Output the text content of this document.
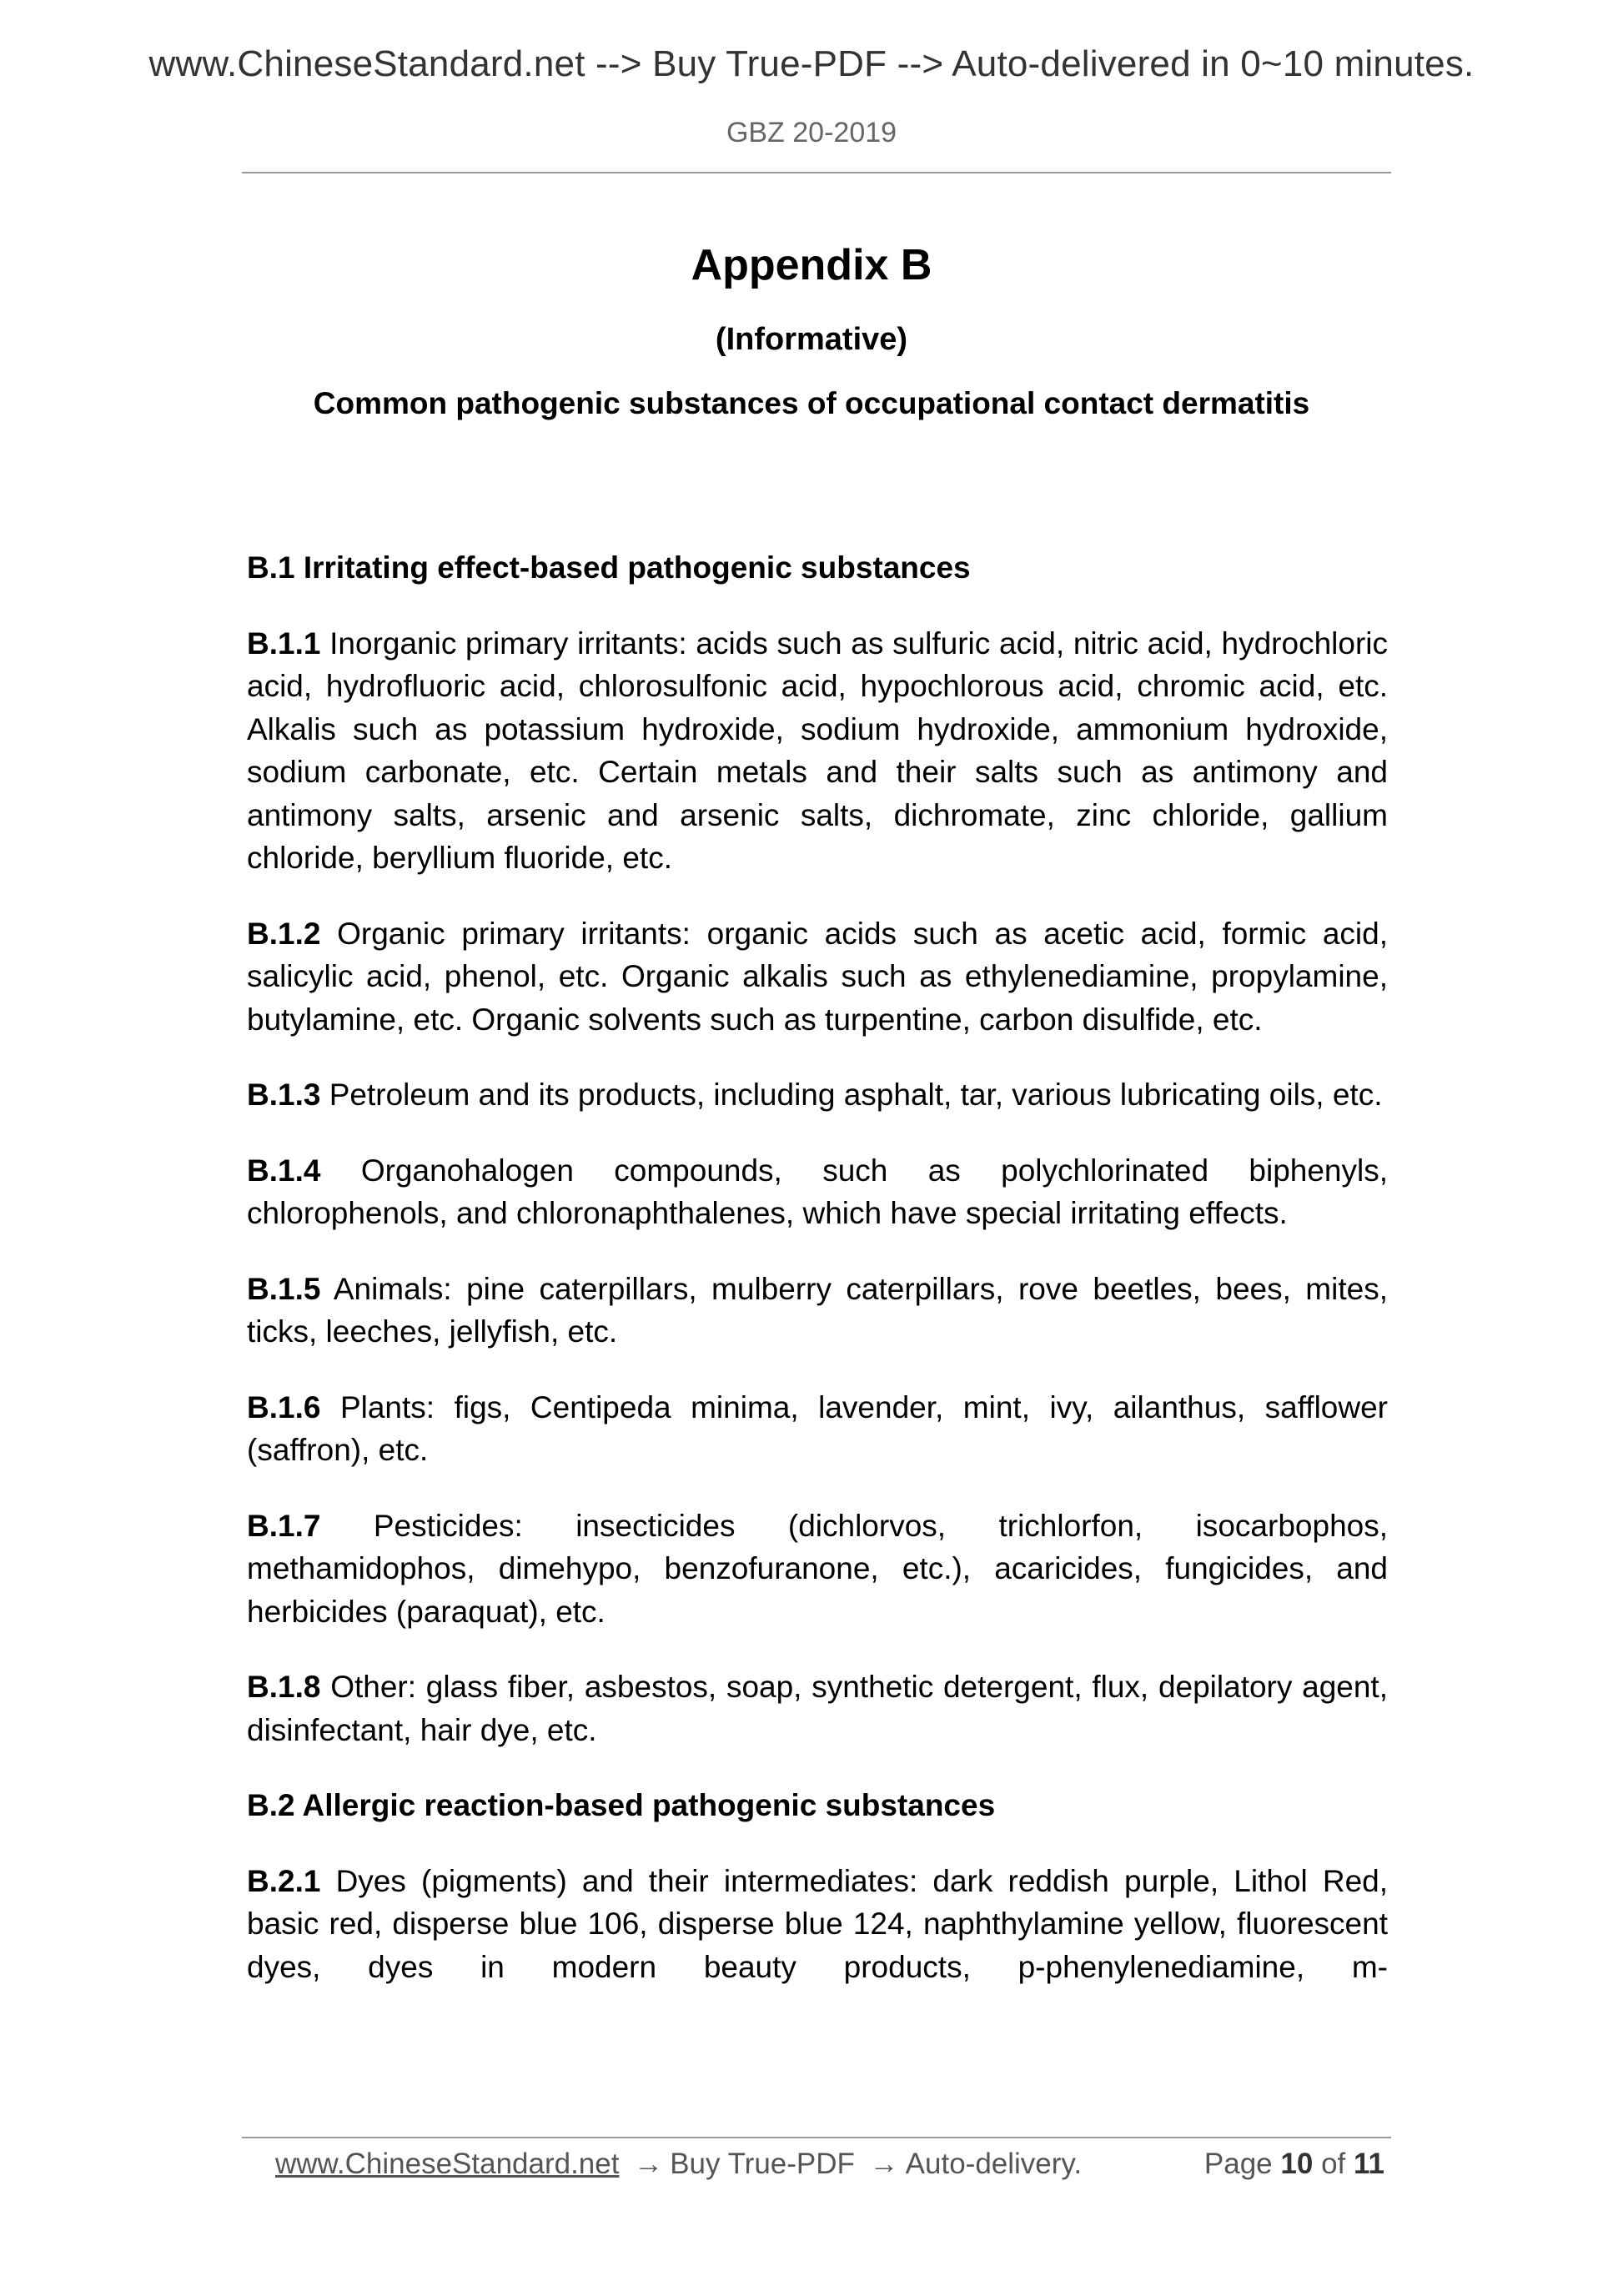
www.ChineseStandard.net --> Buy True-PDF --> Auto-delivered in 0~10 minutes.
GBZ 20-2019
Appendix B
(Informative)
Common pathogenic substances of occupational contact dermatitis
B.1 Irritating effect-based pathogenic substances

B.1.1 Inorganic primary irritants: acids such as sulfuric acid, nitric acid, hydrochloric acid, hydrofluoric acid, chlorosulfonic acid, hypochlorous acid, chromic acid, etc. Alkalis such as potassium hydroxide, sodium hydroxide, ammonium hydroxide, sodium carbonate, etc. Certain metals and their salts such as antimony and antimony salts, arsenic and arsenic salts, dichromate, zinc chloride, gallium chloride, beryllium fluoride, etc.

B.1.2 Organic primary irritants: organic acids such as acetic acid, formic acid, salicylic acid, phenol, etc. Organic alkalis such as ethylenediamine, propylamine, butylamine, etc. Organic solvents such as turpentine, carbon disulfide, etc.

B.1.3 Petroleum and its products, including asphalt, tar, various lubricating oils, etc.

B.1.4 Organohalogen compounds, such as polychlorinated biphenyls, chlorophenols, and chloronaphthalenes, which have special irritating effects.

B.1.5 Animals: pine caterpillars, mulberry caterpillars, rove beetles, bees, mites, ticks, leeches, jellyfish, etc.

B.1.6 Plants: figs, Centipeda minima, lavender, mint, ivy, ailanthus, safflower (saffron), etc.

B.1.7 Pesticides: insecticides (dichlorvos, trichlorfon, isocarbophos, methamidophos, dimehypo, benzofuranone, etc.), acaricides, fungicides, and herbicides (paraquat), etc.

B.1.8 Other: glass fiber, asbestos, soap, synthetic detergent, flux, depilatory agent, disinfectant, hair dye, etc.

B.2 Allergic reaction-based pathogenic substances

B.2.1 Dyes (pigments) and their intermediates: dark reddish purple, Lithol Red, basic red, disperse blue 106, disperse blue 124, naphthylamine yellow, fluorescent dyes, dyes in modern beauty products, p-phenylenediamine, m-

www.ChineseStandard.net → Buy True-PDF → Auto-delivery.	Page 10 of 11
